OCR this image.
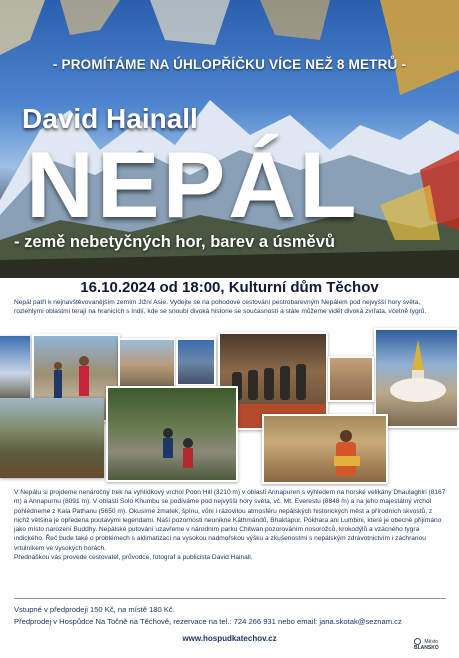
- PROMÍTÁME NA ÚHLOPŘÍČKU VÍCE NEŽ 8 METRŮ -
David Hainall
NEPÁL
- země nebetyčných hor, barev a úsměvů
16.10.2024 od 18:00, Kulturní dům Těchov
Nepál patří k nejnavštěvovanějším zemím Jižní Asie. Vydejte se na pohodové cestování pestrobarevným Nepálem pod nejvyšší hory světa, rozlehlými oblastmi terají na hranicích s Indií, kde se snoubí divoká historie se současností a stále můžeme vidět divoká zvířata, včetně tygrů.

V Nepálu si projdeme nenáročný trek na vyhlídkový vrchol Poon Hill (3210 m) v oblasti Annapuren s výhledem na horské velikány Dhaulaghiri (8167 m) a Annapurnu (8091 m). V oblasti Solo Khumbu se podíváme pod nejvyšší hory světa, vč. Mt. Everestu (8848 m) a na jeho majestátný vrchol pohlédneme z Kala Pathanu (5650 m). Okusíme zmatek, špínu, vůni i rázovitou atmosféru nepálských historických měst a přírodních skvostů, z nichž většina je opředena poutavými legendami. Naší pozornosti neunikne Káthmándů, Bhaktapur, Pókhara ani Lumbini, které je obecně přijímáno jako místo narození Buddhy. Nepálské putování uzavřeme v národním parku Chitwan pozorováním nosorožců, krokodýlů a vzácného tygra indického. Řeč bude také o problémech s aklimatizací na vysokou nadmořskou výšku a zkušenostmi s nepálským zdravotnictvím i záchranou vrtulníkem ve vysokých horách.

Přednáškou vás provede cestovatel, průvodce, fotograf a publicista David Hainall.

Vstupné v předprodeji 150 Kč, na místě 180 Kč.
Předprodej v Hospůdce Na Točně na Těchově, rezervace na tel.: 724 266 931 nebo email: jana.skotak@seznam.cz
www.hospudkatechov.cz	Město
BLANSKO
